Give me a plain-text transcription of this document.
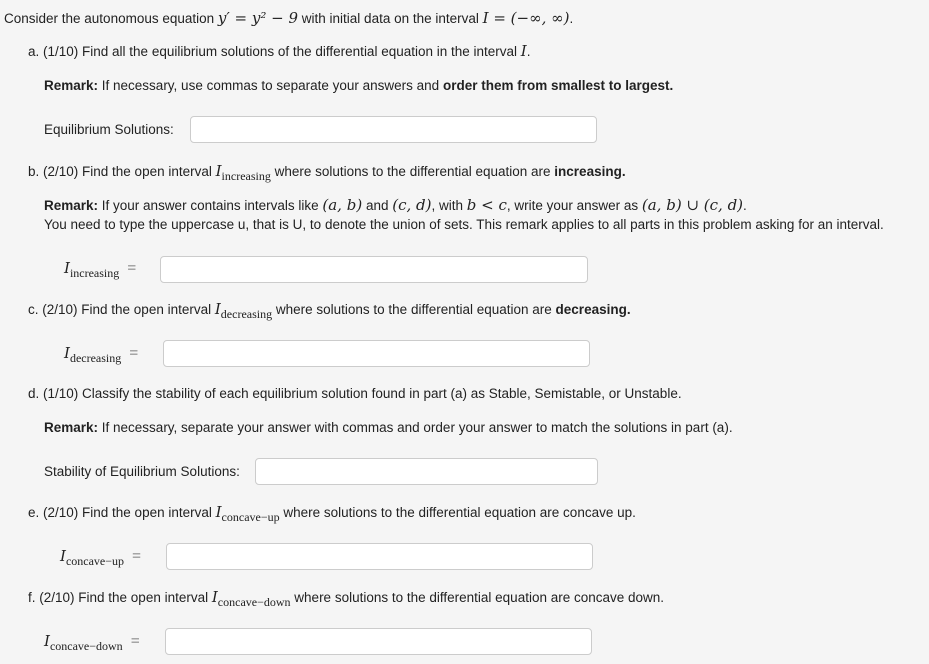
Consider the autonomous equation y′ = y² − 9 with initial data on the interval I = (−∞, ∞).
a. (1/10) Find all the equilibrium solutions of the differential equation in the interval I.
Remark: If necessary, use commas to separate your answers and order them from smallest to largest.
Equilibrium Solutions:
b. (2/10) Find the open interval Iincreasing where solutions to the differential equation are increasing.
Remark: If your answer contains intervals like (a, b) and (c, d), with b < c, write your answer as (a, b) ∪ (c, d).
You need to type the uppercase u, that is U, to denote the union of sets. This remark applies to all parts in this problem asking for an interval.
Iincreasing =
c. (2/10) Find the open interval Idecreasing where solutions to the differential equation are decreasing.
Idecreasing =
d. (1/10) Classify the stability of each equilibrium solution found in part (a) as Stable, Semistable, or Unstable.
Remark: If necessary, separate your answer with commas and order your answer to match the solutions in part (a).
Stability of Equilibrium Solutions:
e. (2/10) Find the open interval Iconcave−up where solutions to the differential equation are concave up.
Iconcave−up =
f. (2/10) Find the open interval Iconcave−down where solutions to the differential equation are concave down.
Iconcave−down =
